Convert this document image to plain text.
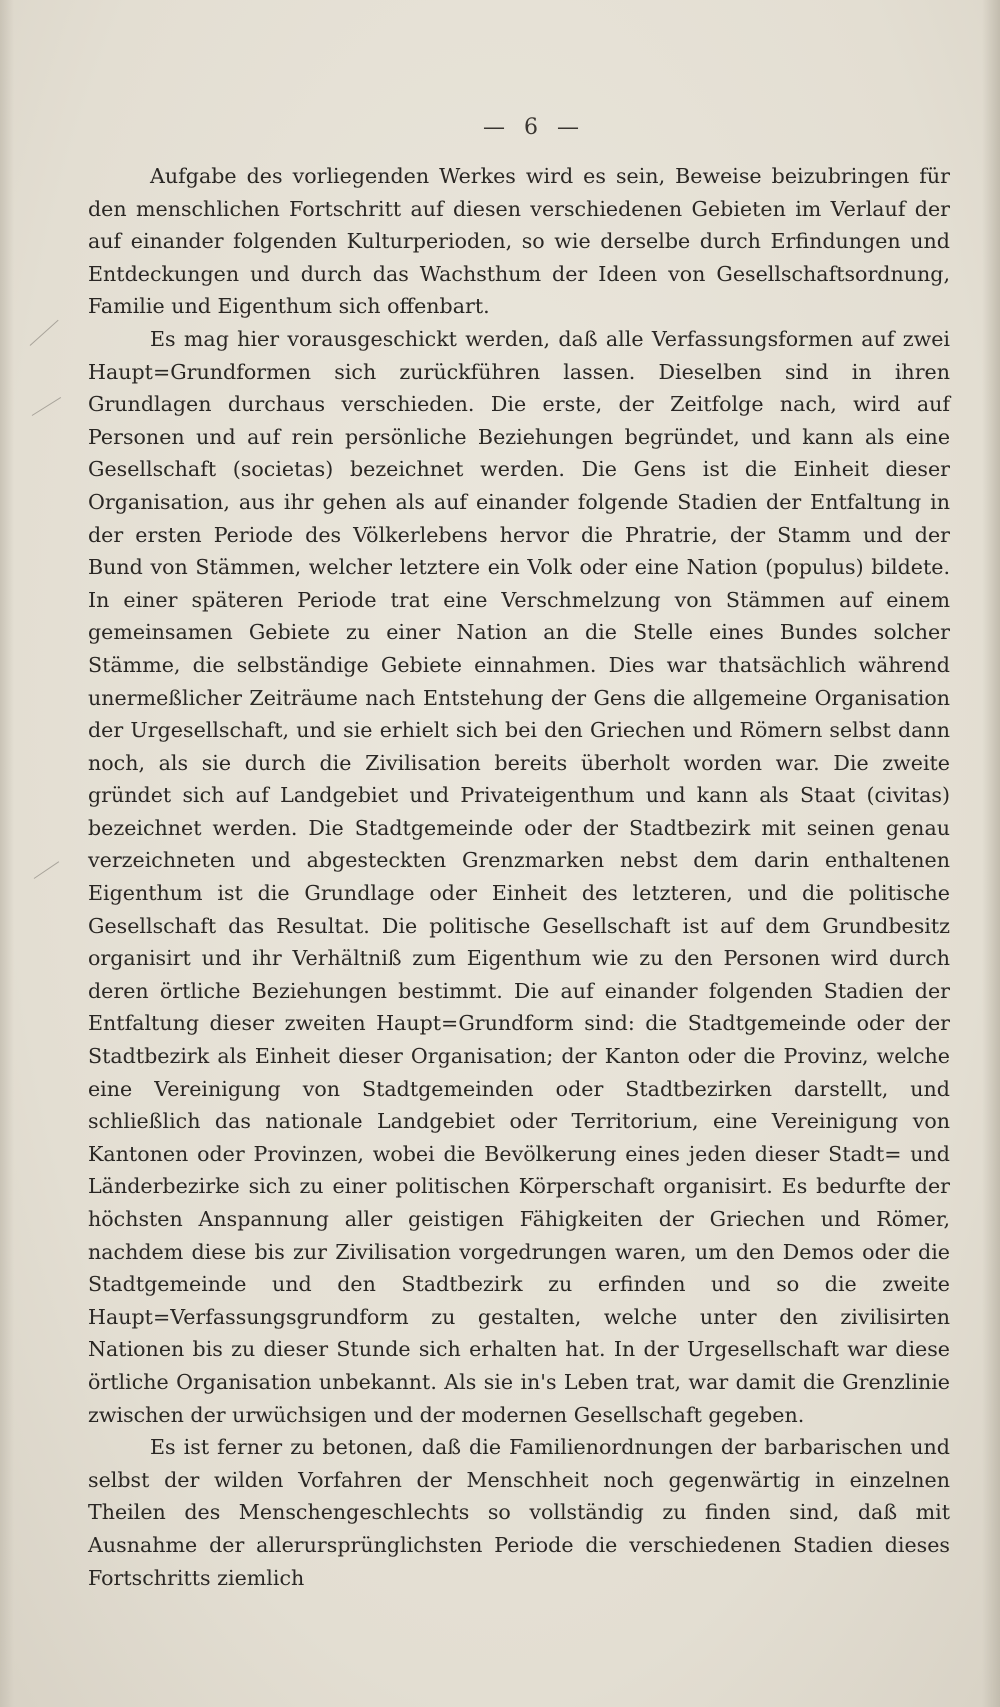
— 6 —

Aufgabe des vorliegenden Werkes wird es sein, Beweise beizubringen für den menschlichen Fortschritt auf diesen verschiedenen Gebieten im Verlauf der auf einander folgenden Kulturperioden, so wie derselbe durch Erfindungen und Entdeckungen und durch das Wachsthum der Ideen von Gesellschaftsordnung, Familie und Eigenthum sich offenbart.

Es mag hier vorausgeschickt werden, daß alle Verfassungsformen auf zwei Haupt=Grundformen sich zurückführen lassen. Dieselben sind in ihren Grundlagen durchaus verschieden. Die erste, der Zeitfolge nach, wird auf Personen und auf rein persönliche Beziehungen begründet, und kann als eine Gesellschaft (societas) bezeichnet werden. Die Gens ist die Einheit dieser Organisation, aus ihr gehen als auf einander folgende Stadien der Entfaltung in der ersten Periode des Völkerlebens hervor die Phratrie, der Stamm und der Bund von Stämmen, welcher letztere ein Volk oder eine Nation (populus) bildete. In einer späteren Periode trat eine Verschmelzung von Stämmen auf einem gemeinsamen Gebiete zu einer Nation an die Stelle eines Bundes solcher Stämme, die selbständige Gebiete einnahmen. Dies war thatsächlich während unermeßlicher Zeiträume nach Entstehung der Gens die allgemeine Organisation der Urgesellschaft, und sie erhielt sich bei den Griechen und Römern selbst dann noch, als sie durch die Zivilisation bereits überholt worden war. Die zweite gründet sich auf Landgebiet und Privateigenthum und kann als Staat (civitas) bezeichnet werden. Die Stadtgemeinde oder der Stadtbezirk mit seinen genau verzeichneten und abgesteckten Grenzmarken nebst dem darin enthaltenen Eigenthum ist die Grundlage oder Einheit des letzteren, und die politische Gesellschaft das Resultat. Die politische Gesellschaft ist auf dem Grundbesitz organisirt und ihr Verhältniß zum Eigenthum wie zu den Personen wird durch deren örtliche Beziehungen bestimmt. Die auf einander folgenden Stadien der Entfaltung dieser zweiten Haupt=Grundform sind: die Stadtgemeinde oder der Stadtbezirk als Einheit dieser Organisation; der Kanton oder die Provinz, welche eine Vereinigung von Stadtgemeinden oder Stadtbezirken darstellt, und schließlich das nationale Landgebiet oder Territorium, eine Vereinigung von Kantonen oder Provinzen, wobei die Bevölkerung eines jeden dieser Stadt= und Länderbezirke sich zu einer politischen Körperschaft organisirt. Es bedurfte der höchsten Anspannung aller geistigen Fähigkeiten der Griechen und Römer, nachdem diese bis zur Zivilisation vorgedrungen waren, um den Demos oder die Stadtgemeinde und den Stadtbezirk zu erfinden und so die zweite Haupt=Verfassungsgrundform zu gestalten, welche unter den zivilisirten Nationen bis zu dieser Stunde sich erhalten hat. In der Urgesellschaft war diese örtliche Organisation unbekannt. Als sie in's Leben trat, war damit die Grenzlinie zwischen der urwüchsigen und der modernen Gesellschaft gegeben.

Es ist ferner zu betonen, daß die Familienordnungen der barbarischen und selbst der wilden Vorfahren der Menschheit noch gegenwärtig in einzelnen Theilen des Menschengeschlechts so vollständig zu finden sind, daß mit Ausnahme der allerursprünglichsten Periode die verschiedenen Stadien dieses Fortschritts ziemlich
